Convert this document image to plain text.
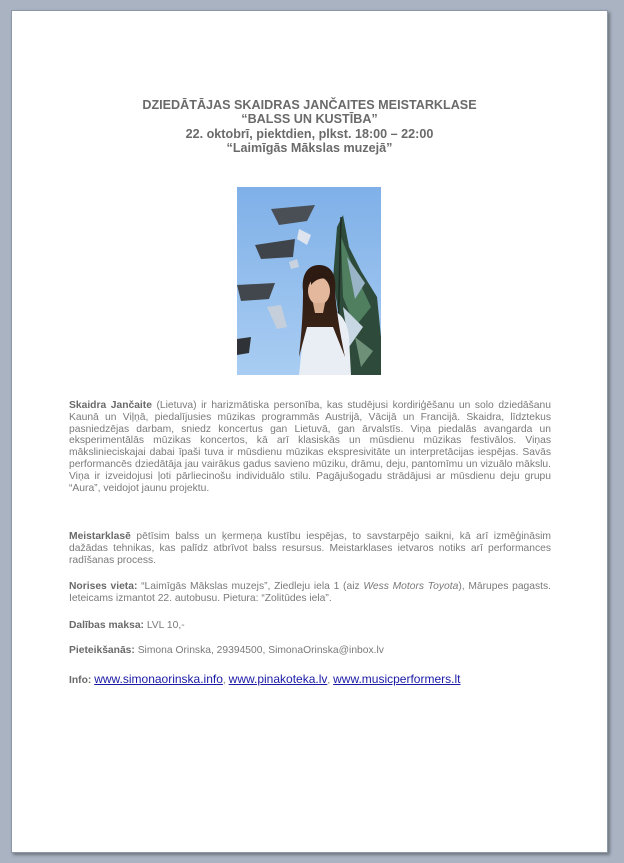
DZIEDĀTĀJAS SKAIDRAS JANČAITES MEISTARKLASE
“BALSS UN KUSTĪBA”
22. oktobrī, piektdien, plkst. 18:00 – 22:00
“Laimīgās Mākslas muzejā”
Skaidra Jančaite (Lietuva) ir harizmātiska personība, kas studējusi kordiriģēšanu un solo dziedāšanu Kaunā un Viļņā, piedalījusies mūzikas programmās Austrijā, Vācijā un Francijā. Skaidra, līdztekus pasniedzējas darbam, sniedz koncertus gan Lietuvā, gan ārvalstīs. Viņa piedalās avangarda un eksperimentālās mūzikas koncertos, kā arī klasiskās un mūsdienu mūzikas festivālos. Viņas mākslinieciskajai dabai īpaši tuva ir mūsdienu mūzikas ekspresivitāte un interpretācijas iespējas. Savās performancēs dziedātāja jau vairākus gadus savieno mūziku, drāmu, deju, pantomīmu un vizuālo mākslu. Viņa ir izveidojusi ļoti pārliecinošu individuālo stilu. Pagājušogadu strādājusi ar mūsdienu deju grupu “Aura”, veidojot jaunu projektu.
Meistarklasē pētīsim balss un ķermeņa kustību iespējas, to savstarpējo saikni, kā arī izmēģināsim dažādas tehnikas, kas palīdz atbrīvot balss resursus. Meistarklases ietvaros notiks arī performances radīšanas process.
Norises vieta: “Laimīgās Mākslas muzejs”, Ziedleju iela 1 (aiz Wess Motors Toyota), Mārupes pagasts. Ieteicams izmantot 22. autobusu. Pietura: “Zolitūdes iela”.
Dalības maksa: LVL 10,-
Pieteikšanās: Simona Orinska, 29394500, SimonaOrinska@inbox.lv
Info: www.simonaorinska.info, www.pinakoteka.lv, www.musicperformers.lt
